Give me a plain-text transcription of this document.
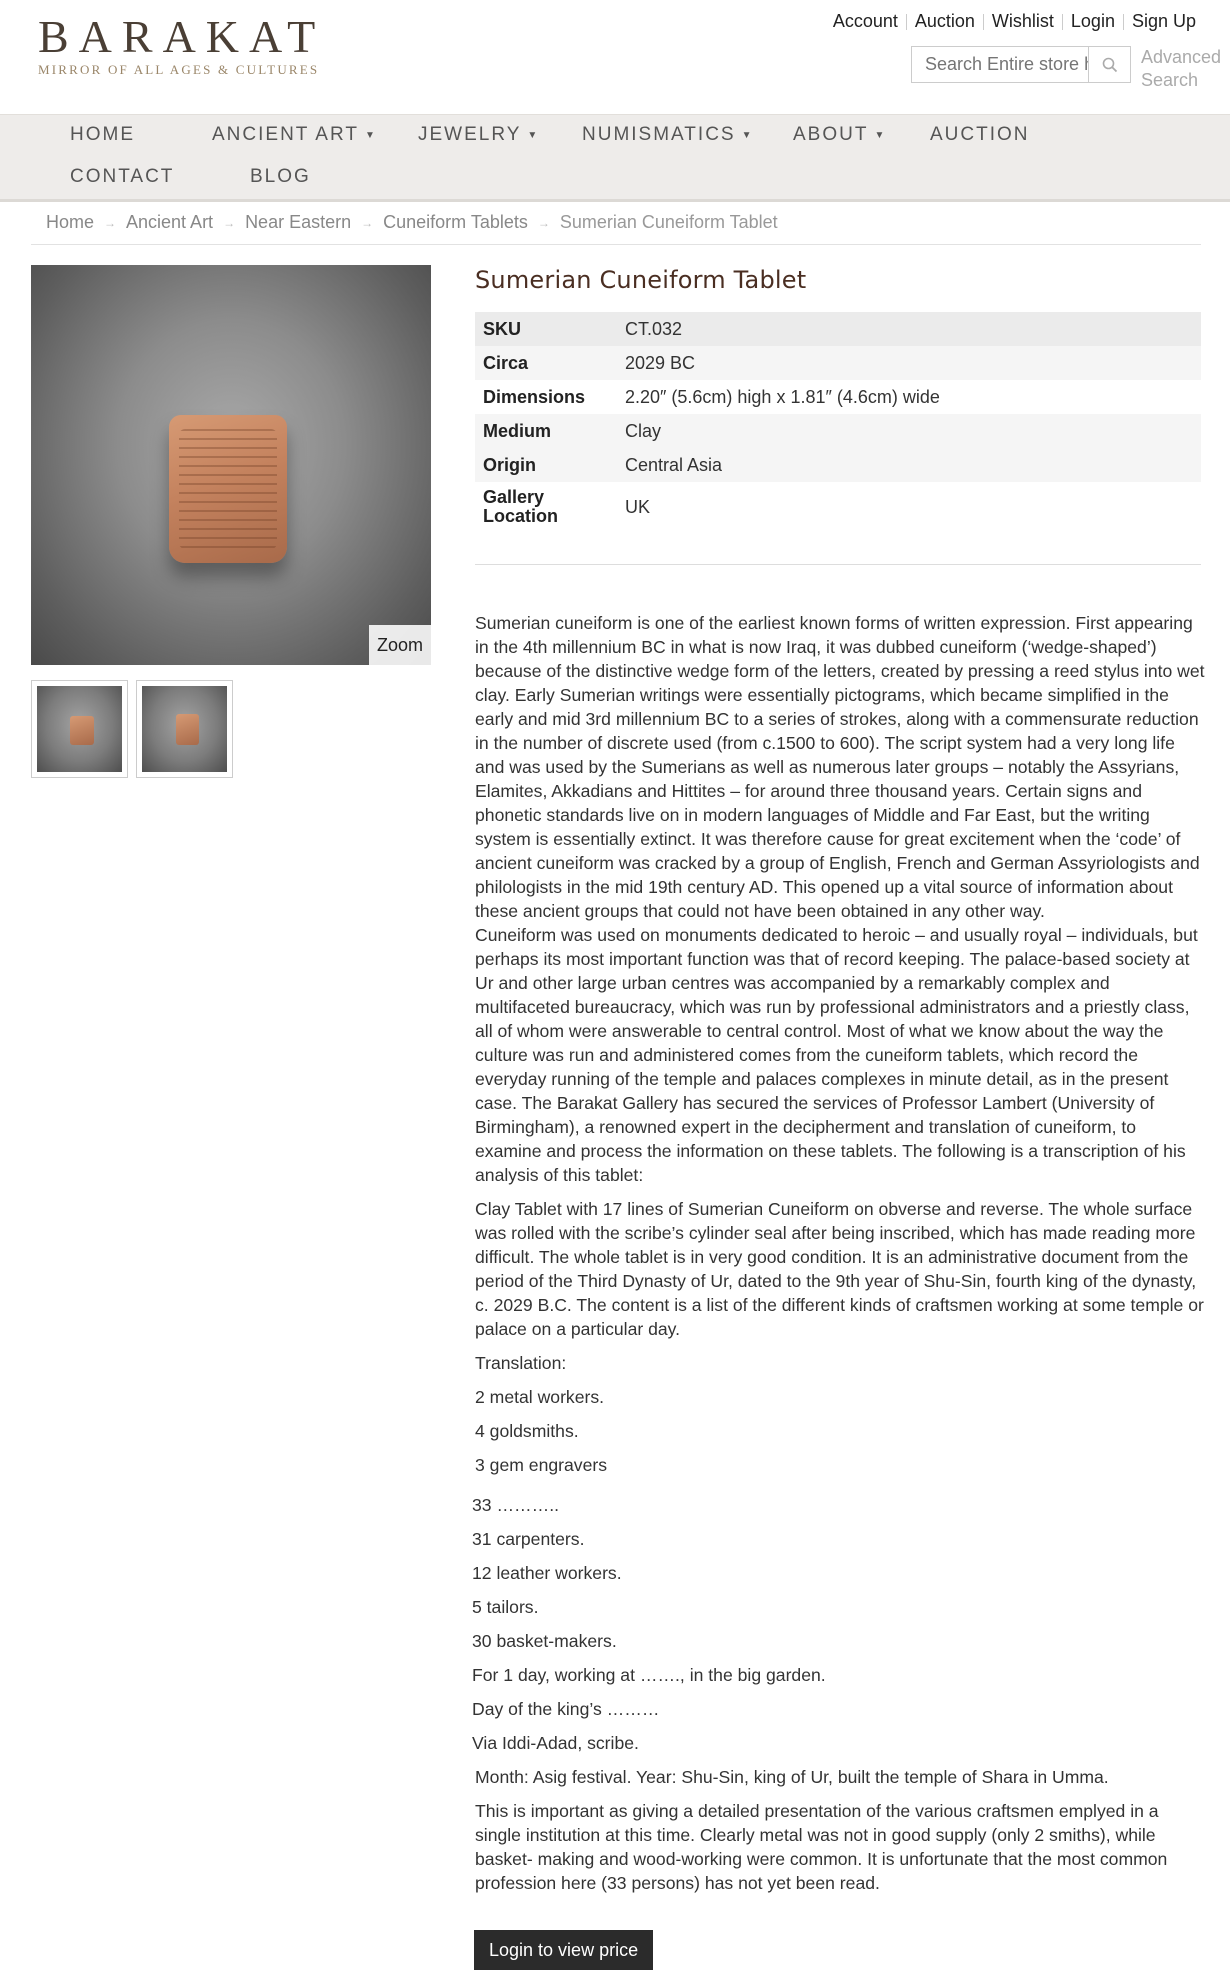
BARAKAT
MIRROR OF ALL AGES & CULTURES
Account Auction Wishlist Login Sign Up
Search Entire store here...
Advanced Search
HOME	ANCIENT ART ▼ JEWELRY ▼ NUMISMATICS ▼ ABOUT ▼ AUCTION
CONTACT	BLOG
Home → Ancient Art → Near Eastern → Cuneiform Tablets → Sumerian Cuneiform Tablet
Zoom
Sumerian Cuneiform Tablet
SKU	CT.032
Circa	2029 BC
Dimensions	2.20″ (5.6cm) high x 1.81″ (4.6cm) wide
Medium	Clay
Origin	Central Asia
Gallery Location	UK

Sumerian cuneiform is one of the earliest known forms of written expression. First appearing in the 4th millennium BC in what is now Iraq, it was dubbed cuneiform (‘wedge-shaped’) because of the distinctive wedge form of the letters, created by pressing a reed stylus into wet clay. Early Sumerian writings were essentially pictograms, which became simplified in the early and mid 3rd millennium BC to a series of strokes, along with a commensurate reduction in the number of discrete used (from c.1500 to 600). The script system had a very long life and was used by the Sumerians as well as numerous later groups – notably the Assyrians, Elamites, Akkadians and Hittites – for around three thousand years. Certain signs and phonetic standards live on in modern languages of Middle and Far East, but the writing system is essentially extinct. It was therefore cause for great excitement when the ‘code’ of ancient cuneiform was cracked by a group of English, French and German Assyriologists and philologists in the mid 19th century AD. This opened up a vital source of information about these ancient groups that could not have been obtained in any other way.

Cuneiform was used on monuments dedicated to heroic – and usually royal – individuals, but perhaps its most important function was that of record keeping. The palace-based society at Ur and other large urban centres was accompanied by a remarkably complex and multifaceted bureaucracy, which was run by professional administrators and a priestly class, all of whom were answerable to central control. Most of what we know about the way the culture was run and administered comes from the cuneiform tablets, which record the everyday running of the temple and palaces complexes in minute detail, as in the present case. The Barakat Gallery has secured the services of Professor Lambert (University of Birmingham), a renowned expert in the decipherment and translation of cuneiform, to examine and process the information on these tablets. The following is a transcription of his analysis of this tablet:

Clay Tablet with 17 lines of Sumerian Cuneiform on obverse and reverse. The whole surface was rolled with the scribe’s cylinder seal after being inscribed, which has made reading more difficult. The whole tablet is in very good condition. It is an administrative document from the period of the Third Dynasty of Ur, dated to the 9th year of Shu-Sin, fourth king of the dynasty, c. 2029 B.C. The content is a list of the different kinds of craftsmen working at some temple or palace on a particular day.

Translation:

2 metal workers.

4 goldsmiths.

3 gem engravers

33 ………..

31 carpenters.

12 leather workers.

5 tailors.

30 basket-makers.

For 1 day, working at ……., in the big garden.

Day of the king’s ………

Via Iddi-Adad, scribe.

Month: Asig festival. Year: Shu-Sin, king of Ur, built the temple of Shara in Umma.

This is important as giving a detailed presentation of the various craftsmen emplyed in a single institution at this time. Clearly metal was not in good supply (only 2 smiths), while basket- making and wood-working were common. It is unfortunate that the most common profession here (33 persons) has not yet been read.

Login to view price
